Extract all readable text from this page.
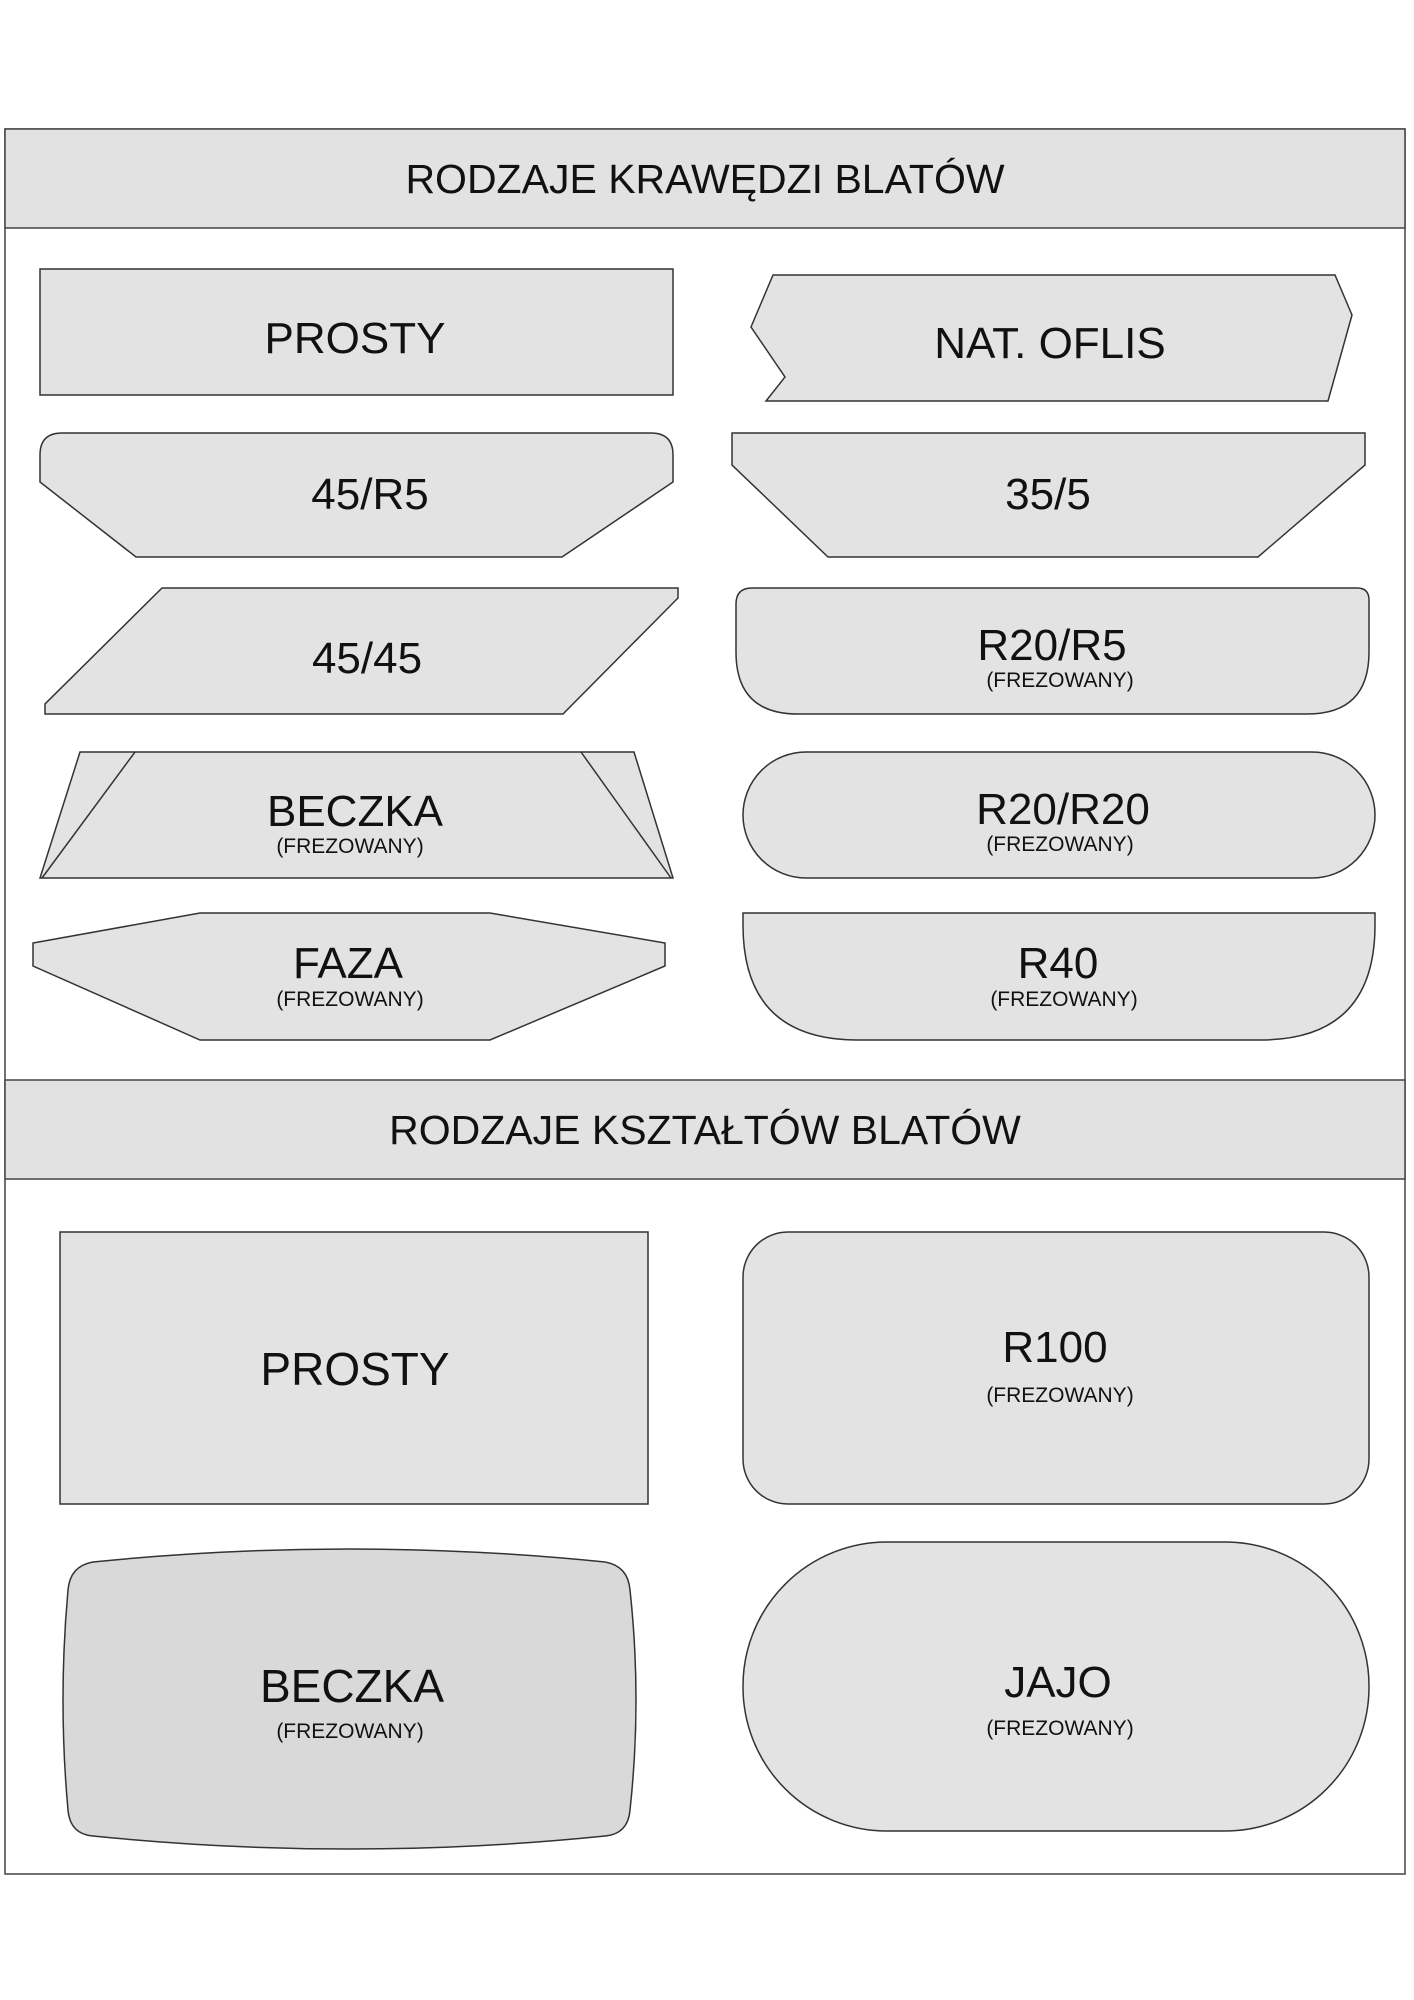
RODZAJE KRAWĘDZI BLATÓW
PROSTY	NAT. OFLIS
45/R5	35/5
45/45	R20/R5
(FREZOWANY)
BECZKA
(FREZOWANY)
R20/R20
(FREZOWANY)
FAZA
(FREZOWANY)
R40
(FREZOWANY)
RODZAJE KSZTAŁTÓW BLATÓW
PROSTY	R100
(FREZOWANY)
BECZKA
(FREZOWANY)
JAJO
(FREZOWANY)
